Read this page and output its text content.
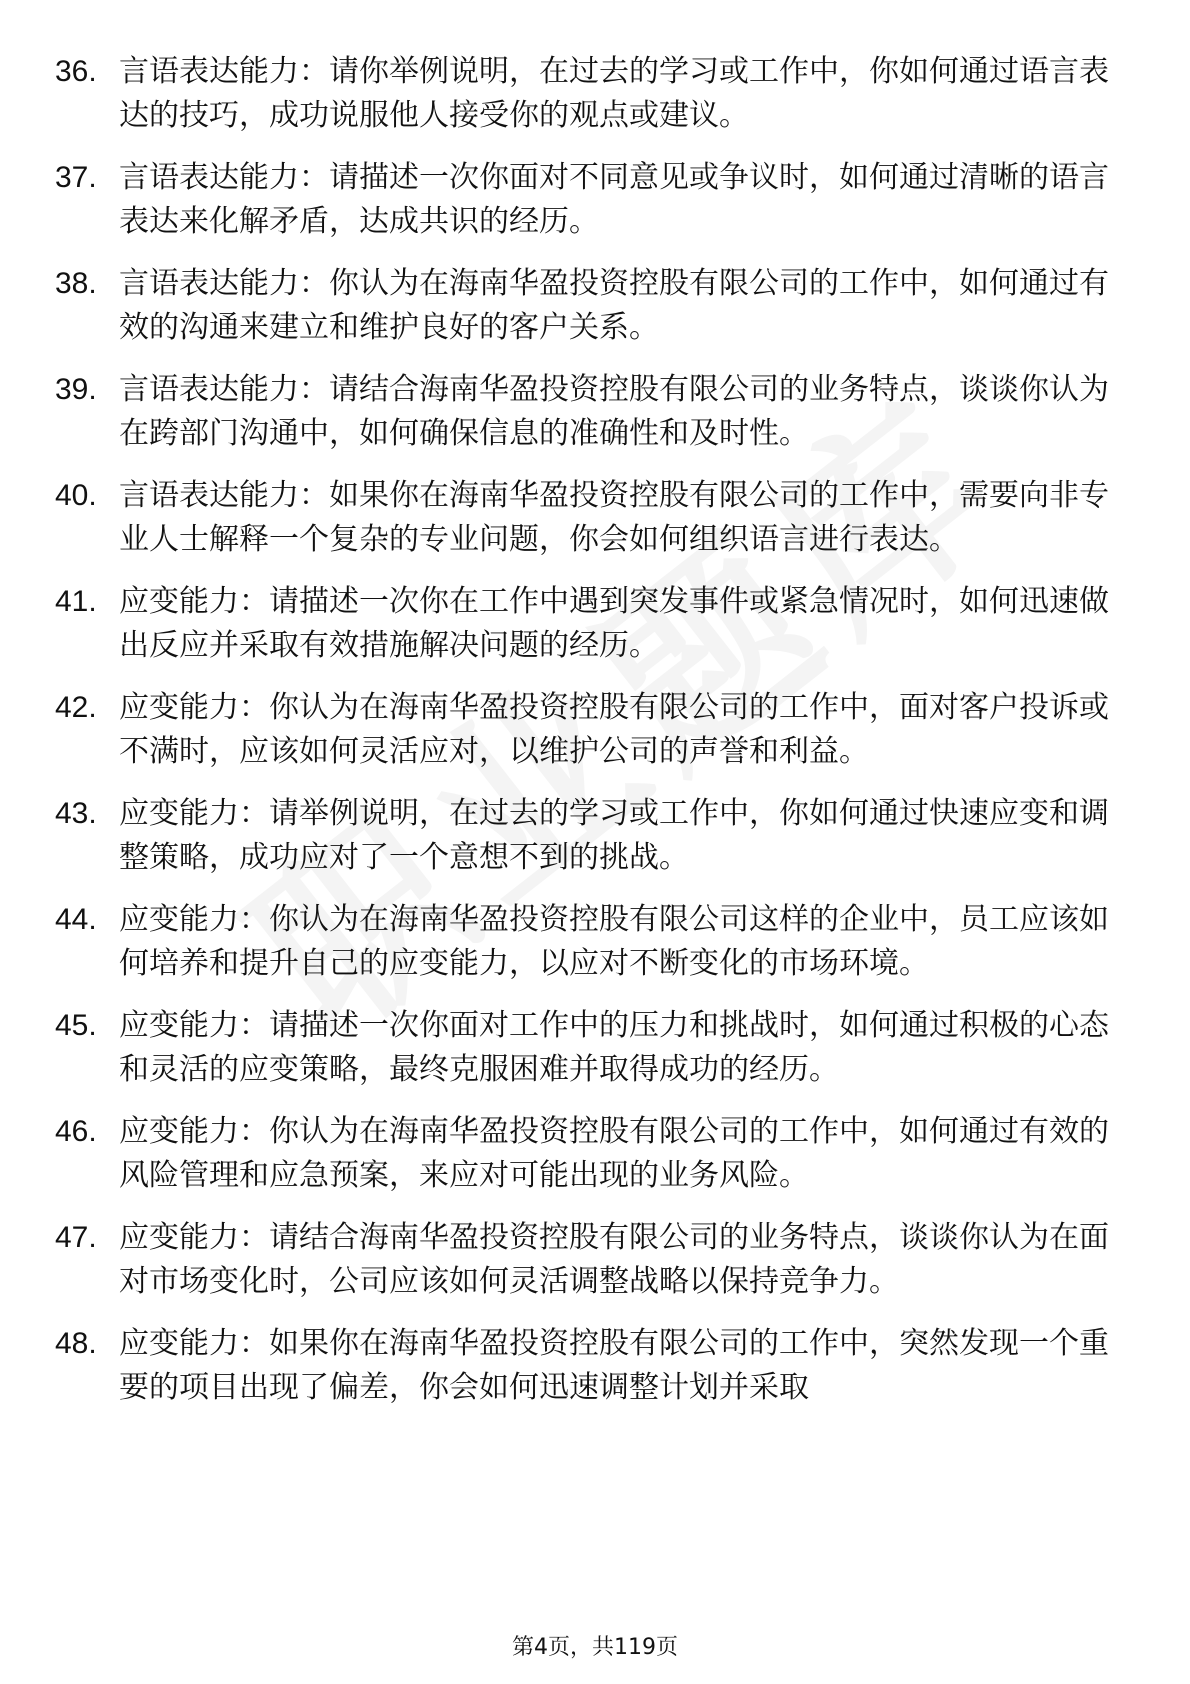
36. 言语表达能力：请你举例说明，在过去的学习或工作中，你如何通过语言表达的技巧，成功说服他人接受你的观点或建议。
37. 言语表达能力：请描述一次你面对不同意见或争议时，如何通过清晰的语言表达来化解矛盾，达成共识的经历。
38. 言语表达能力：你认为在海南华盈投资控股有限公司的工作中，如何通过有效的沟通来建立和维护良好的客户关系。
39. 言语表达能力：请结合海南华盈投资控股有限公司的业务特点，谈谈你认为在跨部门沟通中，如何确保信息的准确性和及时性。
40. 言语表达能力：如果你在海南华盈投资控股有限公司的工作中，需要向非专业人士解释一个复杂的专业问题，你会如何组织语言进行表达。
41. 应变能力：请描述一次你在工作中遇到突发事件或紧急情况时，如何迅速做出反应并采取有效措施解决问题的经历。
42. 应变能力：你认为在海南华盈投资控股有限公司的工作中，面对客户投诉或不满时，应该如何灵活应对，以维护公司的声誉和利益。
43. 应变能力：请举例说明，在过去的学习或工作中，你如何通过快速应变和调整策略，成功应对了一个意想不到的挑战。
44. 应变能力：你认为在海南华盈投资控股有限公司这样的企业中，员工应该如何培养和提升自己的应变能力，以应对不断变化的市场环境。
45. 应变能力：请描述一次你面对工作中的压力和挑战时，如何通过积极的心态和灵活的应变策略，最终克服困难并取得成功的经历。
46. 应变能力：你认为在海南华盈投资控股有限公司的工作中，如何通过有效的风险管理和应急预案，来应对可能出现的业务风险。
47. 应变能力：请结合海南华盈投资控股有限公司的业务特点，谈谈你认为在面对市场变化时，公司应该如何灵活调整战略以保持竞争力。
48. 应变能力：如果你在海南华盈投资控股有限公司的工作中，突然发现一个重要的项目出现了偏差，你会如何迅速调整计划并采取
第4页，共119页
